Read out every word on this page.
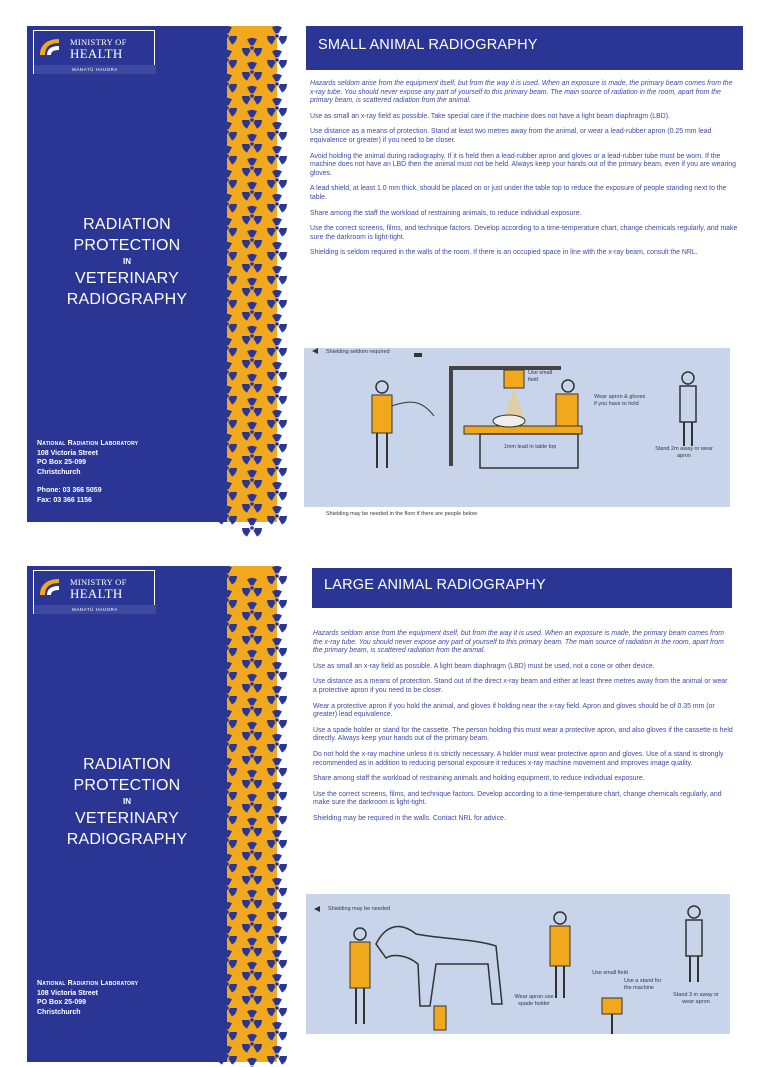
MINISTRY OF
HEALTH
MANATŪ HAUORA
RADIATION
PROTECTION
IN
VETERINARY
RADIOGRAPHY
National Radiation Laboratory
108 Victoria Street
PO Box 25-099
Christchurch
Phone: 03 366 5059
Fax: 03 366 1156
SMALL ANIMAL RADIOGRAPHY

Hazards seldom arise from the equipment itself, but from the way it is used. When an exposure is made, the primary beam comes from the x-ray tube. You should never expose any part of yourself to this primary beam. The main source of radiation in the room, apart from the primary beam, is scattered radiation from the animal.

Use as small an x-ray field as possible. Take special care if the machine does not have a light beam diaphragm (LBD).

Use distance as a means of protection. Stand at least two metres away from the animal, or wear a lead-rubber apron (0.25 mm lead equivalence or greater) if you need to be closer.

Avoid holding the animal during radiography. If it is held then a lead-rubber apron and gloves or a lead-rubber tube must be worn. If the machine does not have an LBD then the animal must not be held. Always keep your hands out of the primary beam, even if you are wearing gloves.

A lead shield, at least 1.0 mm thick, should be placed on or just under the table top to reduce the exposure of people standing next to the table.

Share among the staff the workload of restraining animals, to reduce individual exposure.

Use the correct screens, films, and technique factors. Develop according to a time-temperature chart, change chemicals regularly, and make sure the darkroom is light-tight.

Shielding is seldom required in the walls of the room. If there is an occupied space in line with the x-ray beam, consult the NRL.

Shielding seldom required
Use small field
Wear apron & gloves if you have to hold
1mm lead in table top	Stand 2m away or wear apron
Shielding may be needed in the floor if there are people below
MINISTRY OF
HEALTH
MANATŪ HAUORA
RADIATION
PROTECTION
IN
VETERINARY
RADIOGRAPHY
National Radiation Laboratory
108 Victoria Street
PO Box 25-099
Christchurch
LARGE ANIMAL RADIOGRAPHY

Hazards seldom arise from the equipment itself, but from the way it is used. When an exposure is made, the primary beam comes from the x-ray tube. You should never expose any part of yourself to this primary beam. The main source of radiation in the room, apart from the primary beam, is scattered radiation from the animal.

Use as small an x-ray field as possible. A light beam diaphragm (LBD) must be used, not a cone or other device.

Use distance as a means of protection. Stand out of the direct x-ray beam and either at least three metres away from the animal or wear a protective apron if you need to be closer.

Wear a protective apron if you hold the animal, and gloves if holding near the x-ray field. Apron and gloves should be of 0.35 mm (or greater) lead equivalence.

Use a spade holder or stand for the cassette. The person holding this must wear a protective apron, and also gloves if the cassette is held directly. Always keep your hands out of the primary beam.

Do not hold the x-ray machine unless it is strictly necessary. A holder must wear protective apron and gloves. Use of a stand is strongly recommended as in addition to reducing personal exposure it reduces x-ray machine movement and improves image quality.

Share among staff the workload of restraining animals and holding equipment, to reduce individual exposure.

Use the correct screens, films, and technique factors. Develop according to a time-temperature chart, change chemicals regularly, and make sure the darkroom is light-tight.

Shielding may be required in the walls. Contact NRL for advice.

Shielding may be needed
Use small field
Use a stand for the machine
Wear apron use spade holder
Stand 3 m away or wear apron
